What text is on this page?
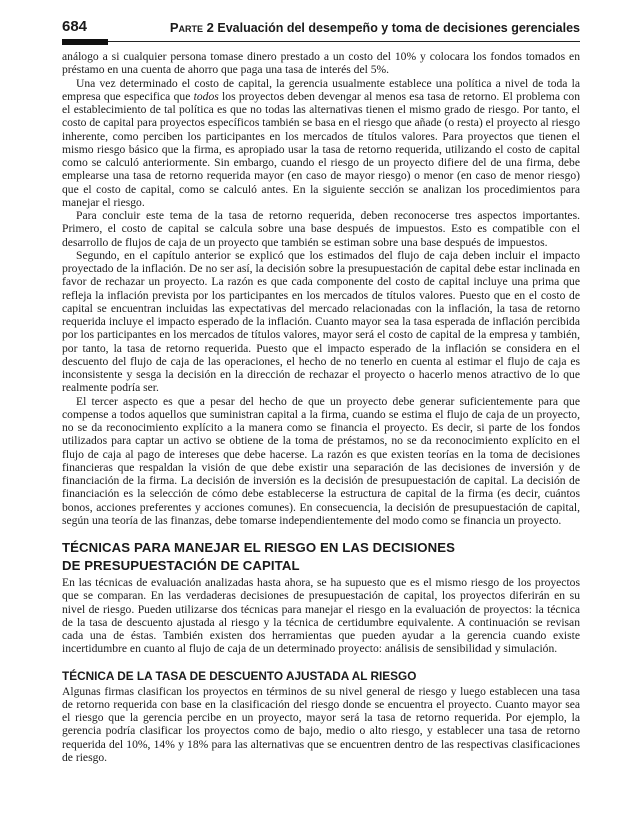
684	Parte 2 Evaluación del desempeño y toma de decisiones gerenciales

análogo a si cualquier persona tomase dinero prestado a un costo del 10% y colocara los fondos tomados en préstamo en una cuenta de ahorro que paga una tasa de interés del 5%.

Una vez determinado el costo de capital, la gerencia usualmente establece una política a nivel de toda la empresa que especifica que todos los proyectos deben devengar al menos esa tasa de retorno. El problema con el establecimiento de tal política es que no todas las alternativas tienen el mismo grado de riesgo. Por tanto, el costo de capital para proyectos específicos también se basa en el riesgo que añade (o resta) el proyecto al riesgo inherente, como perciben los participantes en los mercados de títulos valores. Para proyectos que tienen el mismo riesgo básico que la firma, es apropiado usar la tasa de retorno requerida, utilizando el costo de capital como se calculó anteriormente. Sin embargo, cuando el riesgo de un proyecto difiere del de una firma, debe emplearse una tasa de retorno requerida mayor (en caso de mayor riesgo) o menor (en caso de menor riesgo) que el costo de capital, como se calculó antes. En la siguiente sección se analizan los procedimientos para manejar el riesgo.

Para concluir este tema de la tasa de retorno requerida, deben reconocerse tres aspectos importantes. Primero, el costo de capital se calcula sobre una base después de impuestos. Esto es compatible con el desarrollo de flujos de caja de un proyecto que también se estiman sobre una base después de impuestos.

Segundo, en el capítulo anterior se explicó que los estimados del flujo de caja deben incluir el impacto proyectado de la inflación. De no ser así, la decisión sobre la presupuestación de capital debe estar inclinada en favor de rechazar un proyecto. La razón es que cada componente del costo de capital incluye una prima que refleja la inflación prevista por los participantes en los mercados de títulos valores. Puesto que en el costo de capital se encuentran incluidas las expectativas del mercado relacionadas con la inflación, la tasa de retorno requerida incluye el impacto esperado de la inflación. Cuanto mayor sea la tasa esperada de inflación percibida por los participantes en los mercados de títulos valores, mayor será el costo de capital de la empresa y también, por tanto, la tasa de retorno requerida. Puesto que el impacto esperado de la inflación se considera en el descuento del flujo de caja de las operaciones, el hecho de no tenerlo en cuenta al estimar el flujo de caja es inconsistente y sesga la decisión en la dirección de rechazar el proyecto o hacerlo menos atractivo de lo que realmente podría ser.

El tercer aspecto es que a pesar del hecho de que un proyecto debe generar suficientemente para que compense a todos aquellos que suministran capital a la firma, cuando se estima el flujo de caja de un proyecto, no se da reconocimiento explícito a la manera como se financia el proyecto. Es decir, si parte de los fondos utilizados para captar un activo se obtiene de la toma de préstamos, no se da reconocimiento explícito en el flujo de caja al pago de intereses que debe hacerse. La razón es que existen teorías en la toma de decisiones financieras que respaldan la visión de que debe existir una separación de las decisiones de inversión y de financiación de la firma. La decisión de inversión es la decisión de presupuestación de capital. La decisión de financiación es la selección de cómo debe establecerse la estructura de capital de la firma (es decir, cuántos bonos, acciones preferentes y acciones comunes). En consecuencia, la decisión de presupuestación de capital, según una teoría de las finanzas, debe tomarse independientemente del modo como se financia un proyecto.

TÉCNICAS PARA MANEJAR EL RIESGO EN LAS DECISIONES
DE PRESUPUESTACIÓN DE CAPITAL

En las técnicas de evaluación analizadas hasta ahora, se ha supuesto que es el mismo riesgo de los proyectos que se comparan. En las verdaderas decisiones de presupuestación de capital, los proyectos diferirán en su nivel de riesgo. Pueden utilizarse dos técnicas para manejar el riesgo en la evaluación de proyectos: la técnica de la tasa de descuento ajustada al riesgo y la técnica de certidumbre equivalente. A continuación se revisan cada una de éstas. También existen dos herramientas que pueden ayudar a la gerencia cuando existe incertidumbre en cuanto al flujo de caja de un determinado proyecto: análisis de sensibilidad y simulación.

TÉCNICA DE LA TASA DE DESCUENTO AJUSTADA AL RIESGO

Algunas firmas clasifican los proyectos en términos de su nivel general de riesgo y luego establecen una tasa de retorno requerida con base en la clasificación del riesgo donde se encuentra el proyecto. Cuanto mayor sea el riesgo que la gerencia percibe en un proyecto, mayor será la tasa de retorno requerida. Por ejemplo, la gerencia podría clasificar los proyectos como de bajo, medio o alto riesgo, y establecer una tasa de retorno requerida del 10%, 14% y 18% para las alternativas que se encuentren dentro de las respectivas clasificaciones de riesgo.
